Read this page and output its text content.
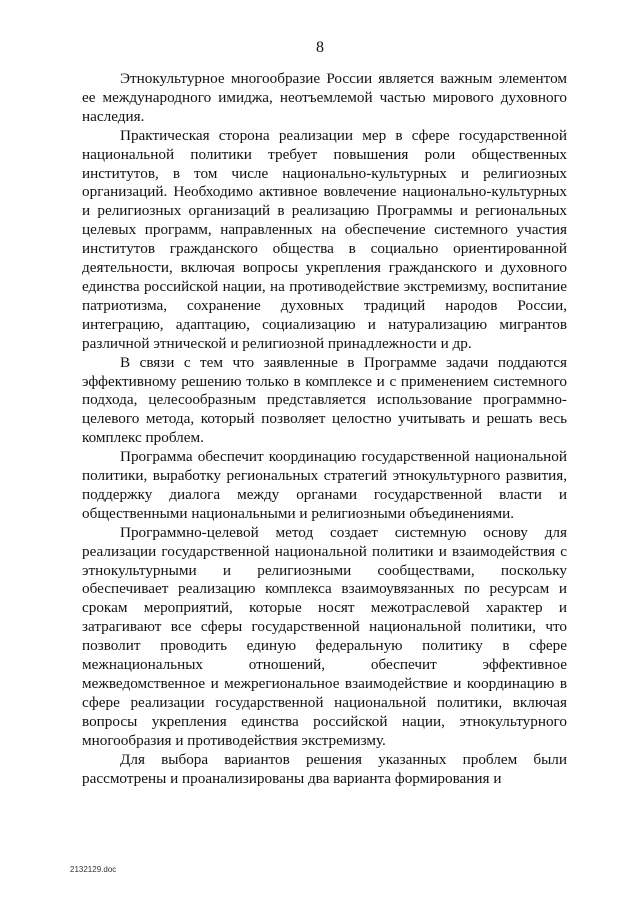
8

Этнокультурное многообразие России является важным элементом ее международного имиджа, неотъемлемой частью мирового духовного наследия.

Практическая сторона реализации мер в сфере государственной национальной политики требует повышения роли общественных институтов, в том числе национально-культурных и религиозных организаций. Необходимо активное вовлечение национально-культурных и религиозных организаций в реализацию Программы и региональных целевых программ, направленных на обеспечение системного участия институтов гражданского общества в социально ориентированной деятельности, включая вопросы укрепления гражданского и духовного единства российской нации, на противодействие экстремизму, воспитание патриотизма, сохранение духовных традиций народов России, интеграцию, адаптацию, социализацию и натурализацию мигрантов различной этнической и религиозной принадлежности и др.

В связи с тем что заявленные в Программе задачи поддаются эффективному решению только в комплексе и с применением системного подхода, целесообразным представляется использование программно-целевого метода, который позволяет целостно учитывать и решать весь комплекс проблем.

Программа обеспечит координацию государственной национальной политики, выработку региональных стратегий этнокультурного развития, поддержку диалога между органами государственной власти и общественными национальными и религиозными объединениями.

Программно-целевой метод создает системную основу для реализации государственной национальной политики и взаимодействия с этнокультурными и религиозными сообществами, поскольку обеспечивает реализацию комплекса взаимоувязанных по ресурсам и срокам мероприятий, которые носят межотраслевой характер и затрагивают все сферы государственной национальной политики, что позволит проводить единую федеральную политику в сфере межнациональных отношений, обеспечит эффективное межведомственное и межрегиональное взаимодействие и координацию в сфере реализации государственной национальной политики, включая вопросы укрепления единства российской нации, этнокультурного многообразия и противодействия экстремизму.

Для выбора вариантов решения указанных проблем были рассмотрены и проанализированы два варианта формирования и

2132129.doc
